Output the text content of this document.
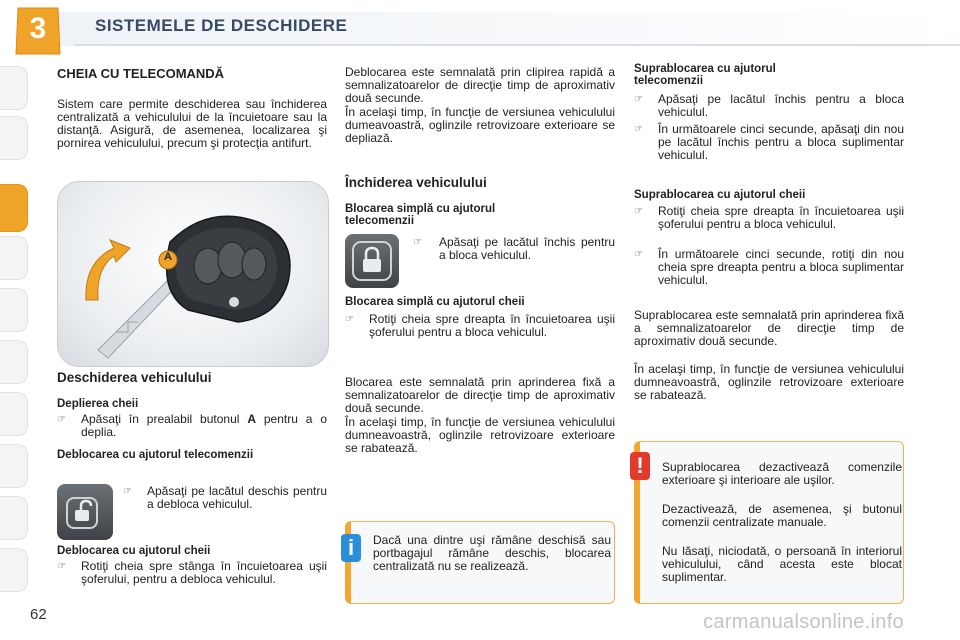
3	SISTEMELE DE DESCHIDERE
CHEIA CU TELECOMANDĂ
Sistem care permite deschiderea sau închiderea centralizată a vehiculului de la încuietoare sau la distanţă. Asigură, de asemenea, localizarea şi pornirea vehiculului, precum şi protecţia antifurt.
A
Deschiderea vehiculului
Deplierea cheii
☞ Apăsaţi în prealabil butonul A pentru a o deplia.
Deblocarea cu ajutorul telecomenzii
☞ Apăsaţi pe lacătul deschis pentru a debloca vehiculul.
Deblocarea cu ajutorul cheii
☞ Rotiţi cheia spre stânga în încuietoarea uşii şoferului, pentru a debloca vehiculul.
Deblocarea este semnalată prin clipirea rapidă a semnalizatoarelor de direcţie timp de aproximativ două secunde.
În acelaşi timp, în funcţie de versiunea vehiculului dumeavoastră, oglinzile retrovizoare exterioare se depliază.
Închiderea vehiculului
Blocarea simplă cu ajutorul telecomenzii
☞ Apăsaţi pe lacătul închis pentru a bloca vehiculul.
Blocarea simplă cu ajutorul cheii
☞ Rotiţi cheia spre dreapta în încuietoarea uşii şoferului pentru a bloca vehiculul.
Blocarea este semnalată prin aprinderea fixă a semnalizatoarelor de direcţie timp de aproximativ două secunde.
În acelaşi timp, în funcţie de versiunea vehiculului dumneavoastră, oglinzile retrovizoare exterioare se rabatează.
Dacă una dintre uşi rămâne deschisă sau portbagajul rămâne deschis, blocarea centralizată nu se realizează.
i
Suprablocarea cu ajutorul telecomenzii
☞ Apăsaţi pe lacătul închis pentru a bloca vehiculul.
☞ În următoarele cinci secunde, apăsaţi din nou pe lacătul închis pentru a bloca suplimentar vehiculul.
Suprablocarea cu ajutorul cheii
☞ Rotiţi cheia spre dreapta în încuietoarea uşii şoferului pentru a bloca vehiculul.
☞ În următoarele cinci secunde, rotiţi din nou cheia spre dreapta pentru a bloca suplimentar vehiculul.
Suprablocarea este semnalată prin aprinderea fixă a semnalizatoarelor de direcţie timp de aproximativ două secunde.
În acelaşi timp, în funcţie de versiunea vehiculului dumneavoastră, oglinzile retrovizoare exterioare se rabatează.
Suprablocarea dezactivează comenzile exterioare şi interioare ale uşilor.
Dezactivează, de asemenea, şi butonul comenzii centralizate manuale.
Nu lăsaţi, niciodată, o persoană în interiorul vehiculului, când acesta este blocat suplimentar.
!
62	carmanualsonline.info
